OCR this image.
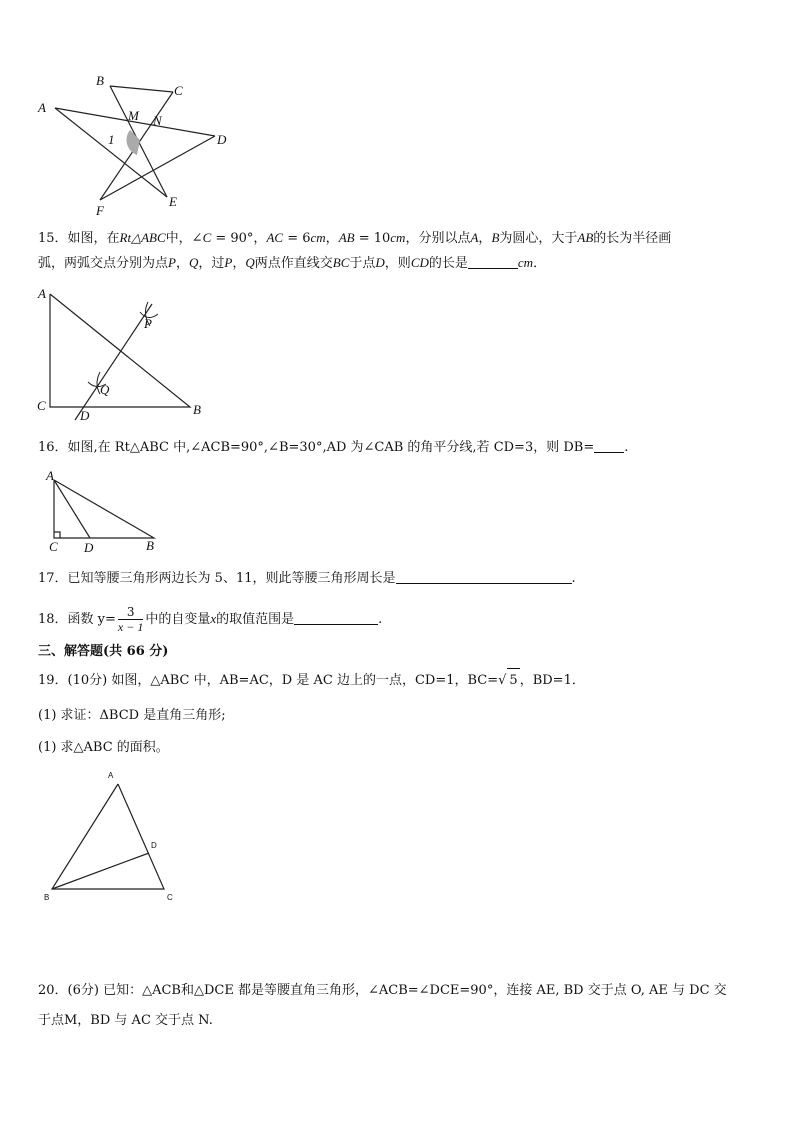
B
C
A
M N
1	D
F
E
15．如图，在Rt△ABC中，∠C = 90°，AC = 6cm，AB = 10cm，分别以点A，B为圆心，大于AB的长为半径画
弧，两弧交点分别为点P，Q，过P，Q两点作直线交BC于点D，则CD的长是	cm．
A
P
Q
C
D	B
16．如图,在 Rt△ABC 中,∠ACB=90°,∠B=30°,AD 为∠CAB 的角平分线,若 CD=3，则 DB= .
A
C D	B
17．已知等腰三角形两边长为 5、11，则此等腰三角形周长是	.
18．函数 $y= \frac{3}{x - 1}$ 中的自变量x的取值范围是	.
三、解答题(共 66 分)
19．(10分) 如图，△ABC 中，AB=AC，D 是 AC 边上的一点，CD=1，BC=√ 5 ，BD=1．
(1) 求证：ΔBCD 是直角三角形;
(1) 求△ABC 的面积。
A
D
B	C
20．(6分) 已知：△ACB和△DCE 都是等腰直角三角形，∠ACB=∠DCE=90°，连接 AE, BD 交于点 O, AE 与 DC 交
于点M，BD 与 AC 交于点 N.
